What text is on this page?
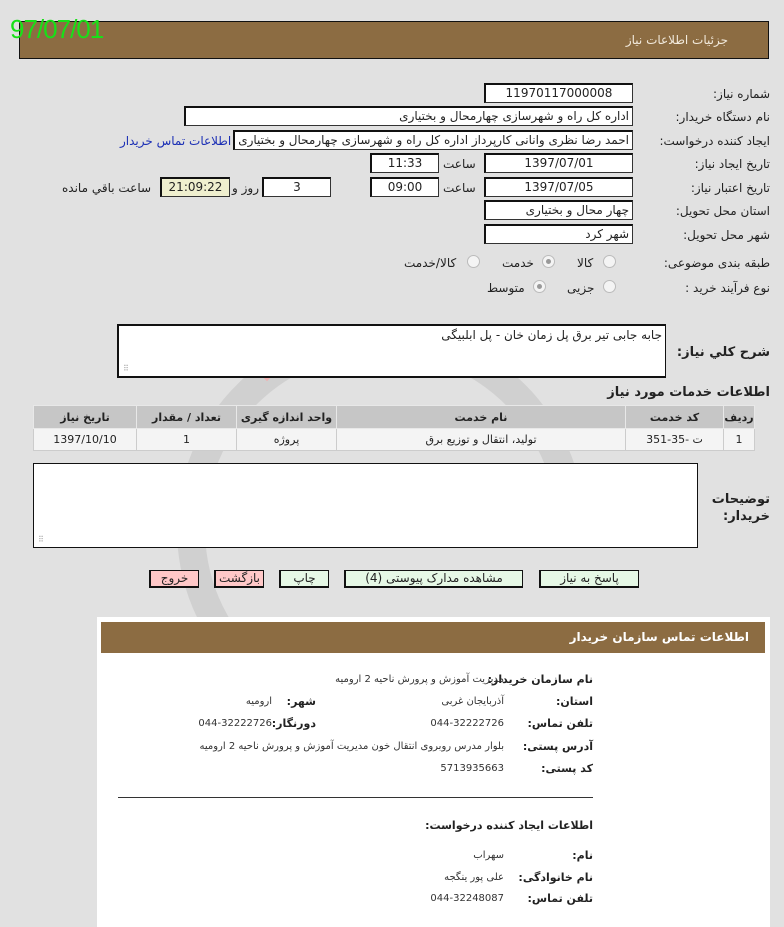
جزئیات اطلاعات نیاز
97/07/01
شماره نیاز:
11970117000008
نام دستگاه خریدار:
اداره کل راه و شهرسازی چهارمحال و بختیاری
ایجاد کننده درخواست:
احمد رضا نظری وانانی کارپرداز اداره کل راه و شهرسازی چهارمحال و بختیاری
اطلاعات تماس خریدار
تاریخ ایجاد نیاز:
1397/07/01
ساعت
11:33
تاریخ اعتبار نیاز:
1397/07/05
ساعت
09:00
3
روز و
21:09:22
ساعت باقي مانده
استان محل تحویل:
چهار محال و بختیاری
شهر محل تحویل:
شهر کرد
طبقه بندی موضوعی:
کالا
خدمت
کالا/خدمت
نوع فرآیند خرید :
جزیی
متوسط
جابه جابی تیر برق پل زمان خان - پل ابلبیگی
⠿
شرح کلي نياز:
اطلاعات خدمات مورد نیاز
ردیف	کد خدمت	نام خدمت	واحد اندازه گیری	تعداد / مقدار	تاریخ نیاز
1	ت -35-351	تولید، انتقال و توزیع برق	پروژه	1	1397/10/10
⠿
توضیحات خریدار:
پاسخ به نیاز
مشاهده مدارک پیوستی (4)
چاپ
بازگشت
خروج
اطلاعات تماس سازمان خریدار
نام سازمان خریدار:
مدیریت آموزش و پرورش ناحیه 2 ارومیه
استان:
آذربایجان غربی
شهر:
ارومیه
تلفن تماس:
044-32222726
دورنگار:
044-32222726
آدرس پستی:
بلوار مدرس روبروی انتقال خون مدیریت آموزش و پرورش ناحیه 2 ارومیه
کد پستی:
5713935663
اطلاعات ایجاد کننده درخواست:
نام:
سهراب
نام خانوادگی:
علی پور ینگجه
تلفن تماس:
044-32248087
